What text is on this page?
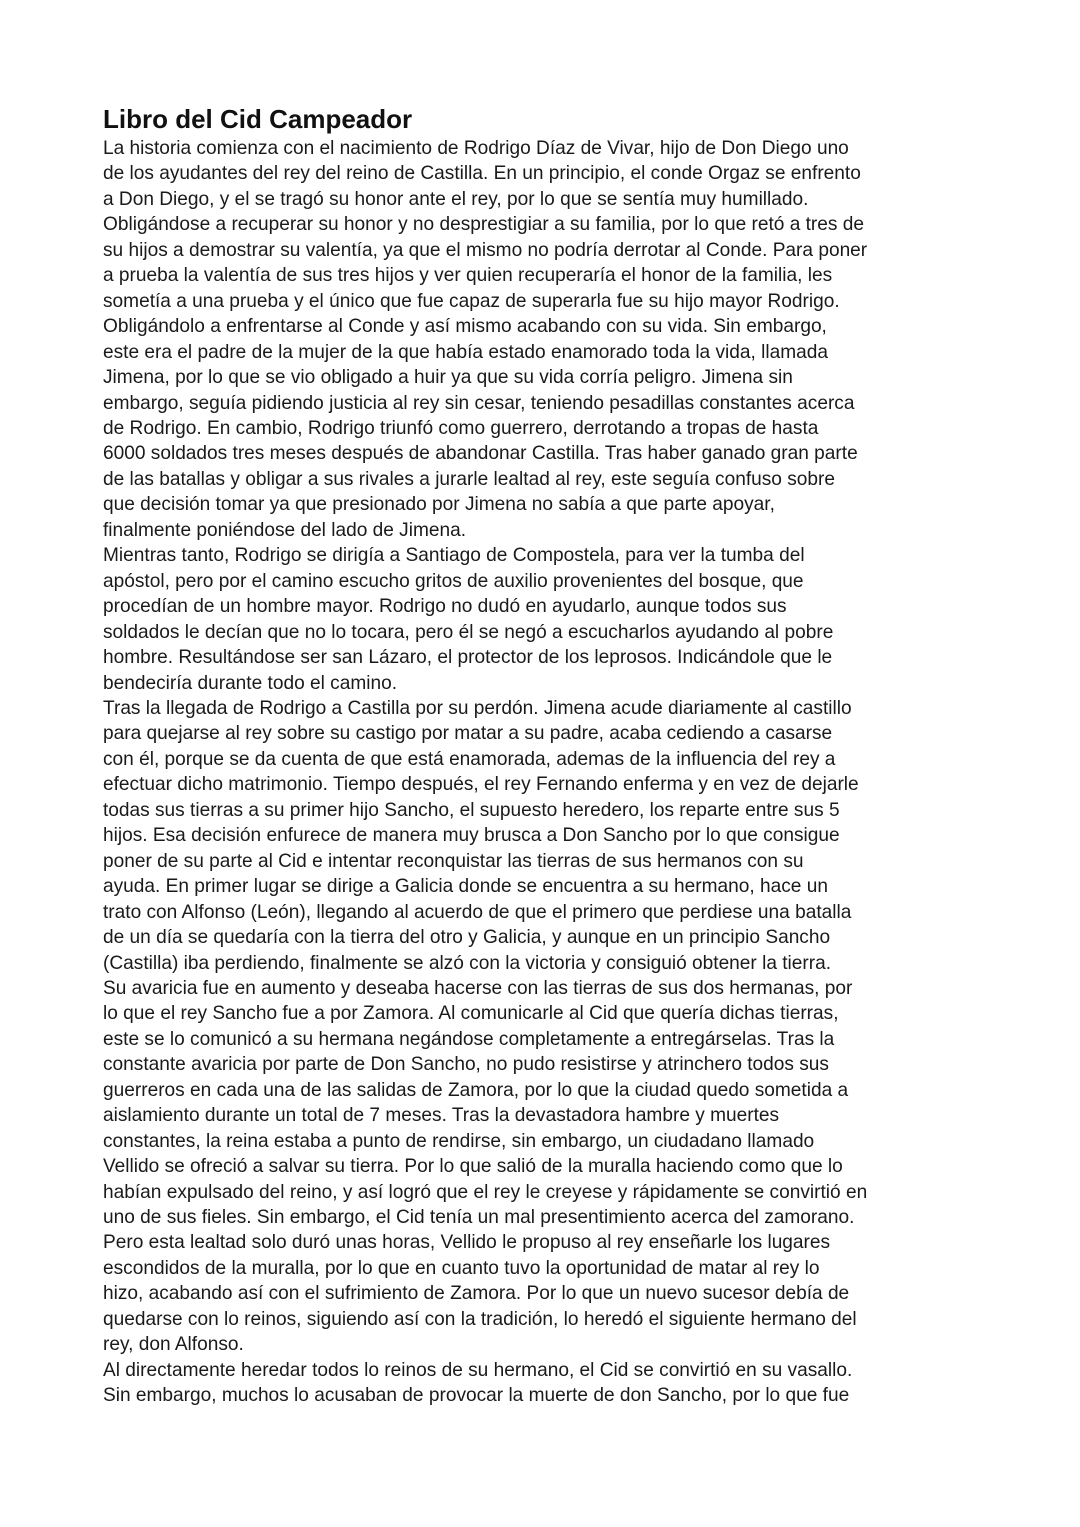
Libro del Cid Campeador
La historia comienza con el nacimiento de Rodrigo Díaz de Vivar, hijo de Don Diego uno
de los ayudantes del rey del reino de Castilla. En un principio, el conde Orgaz se enfrento
a Don Diego, y el se tragó su honor ante el rey, por lo que se sentía muy humillado.
Obligándose a recuperar su honor y no desprestigiar a su familia, por lo que retó a tres de
su hijos a demostrar su valentía, ya que el mismo no podría derrotar al Conde. Para poner
a prueba la valentía de sus tres hijos y ver quien recuperaría el honor de la familia, les
sometía a una prueba y el único que fue capaz de superarla fue su hijo mayor Rodrigo.
Obligándolo a enfrentarse al Conde y así mismo acabando con su vida. Sin embargo,
este era el padre de la mujer de la que había estado enamorado toda la vida, llamada
Jimena, por lo que se vio obligado a huir ya que su vida corría peligro. Jimena sin
embargo, seguía pidiendo justicia al rey sin cesar, teniendo pesadillas constantes acerca
de Rodrigo. En cambio, Rodrigo triunfó como guerrero, derrotando a tropas de hasta
6000 soldados tres meses después de abandonar Castilla. Tras haber ganado gran parte
de las batallas y obligar a sus rivales a jurarle lealtad al rey, este seguía confuso sobre
que decisión tomar ya que presionado por Jimena no sabía a que parte apoyar,
finalmente poniéndose del lado de Jimena.
Mientras tanto, Rodrigo se dirigía a Santiago de Compostela, para ver la tumba del
apóstol, pero por el camino escucho gritos de auxilio provenientes del bosque, que
procedían de un hombre mayor. Rodrigo no dudó en ayudarlo, aunque todos sus
soldados le decían que no lo tocara, pero él se negó a escucharlos ayudando al pobre
hombre. Resultándose ser san Lázaro, el protector de los leprosos. Indicándole que le
bendeciría durante todo el camino.
Tras la llegada de Rodrigo a Castilla por su perdón. Jimena acude diariamente al castillo
para quejarse al rey sobre su castigo por matar a su padre, acaba cediendo a casarse
con él, porque se da cuenta de que está enamorada, ademas de la influencia del rey a
efectuar dicho matrimonio. Tiempo después, el rey Fernando enferma y en vez de dejarle
todas sus tierras a su primer hijo Sancho, el supuesto heredero, los reparte entre sus 5
hijos. Esa decisión enfurece de manera muy brusca a Don Sancho por lo que consigue
poner de su parte al Cid e intentar reconquistar las tierras de sus hermanos con su
ayuda. En primer lugar se dirige a Galicia donde se encuentra a su hermano, hace un
trato con Alfonso (León), llegando al acuerdo de que el primero que perdiese una batalla
de un día se quedaría con la tierra del otro y Galicia, y aunque en un principio Sancho
(Castilla) iba perdiendo, finalmente se alzó con la victoria y consiguió obtener la tierra.
Su avaricia fue en aumento y deseaba hacerse con las tierras de sus dos hermanas, por
lo que el rey Sancho fue a por Zamora. Al comunicarle al Cid que quería dichas tierras,
este se lo comunicó a su hermana negándose completamente a entregárselas. Tras la
constante avaricia por parte de Don Sancho, no pudo resistirse y atrinchero todos sus
guerreros en cada una de las salidas de Zamora, por lo que la ciudad quedo sometida a
aislamiento durante un total de 7 meses. Tras la devastadora hambre y muertes
constantes, la reina estaba a punto de rendirse, sin embargo, un ciudadano llamado
Vellido se ofreció a salvar su tierra. Por lo que salió de la muralla haciendo como que lo
habían expulsado del reino, y así logró que el rey le creyese y rápidamente se convirtió en
uno de sus fieles. Sin embargo, el Cid tenía un mal presentimiento acerca del zamorano.
Pero esta lealtad solo duró unas horas, Vellido le propuso al rey enseñarle los lugares
escondidos de la muralla, por lo que en cuanto tuvo la oportunidad de matar al rey lo
hizo, acabando así con el sufrimiento de Zamora. Por lo que un nuevo sucesor debía de
quedarse con lo reinos, siguiendo así con la tradición, lo heredó el siguiente hermano del
rey, don Alfonso.
Al directamente heredar todos lo reinos de su hermano, el Cid se convirtió en su vasallo.
Sin embargo, muchos lo acusaban de provocar la muerte de don Sancho, por lo que fue
